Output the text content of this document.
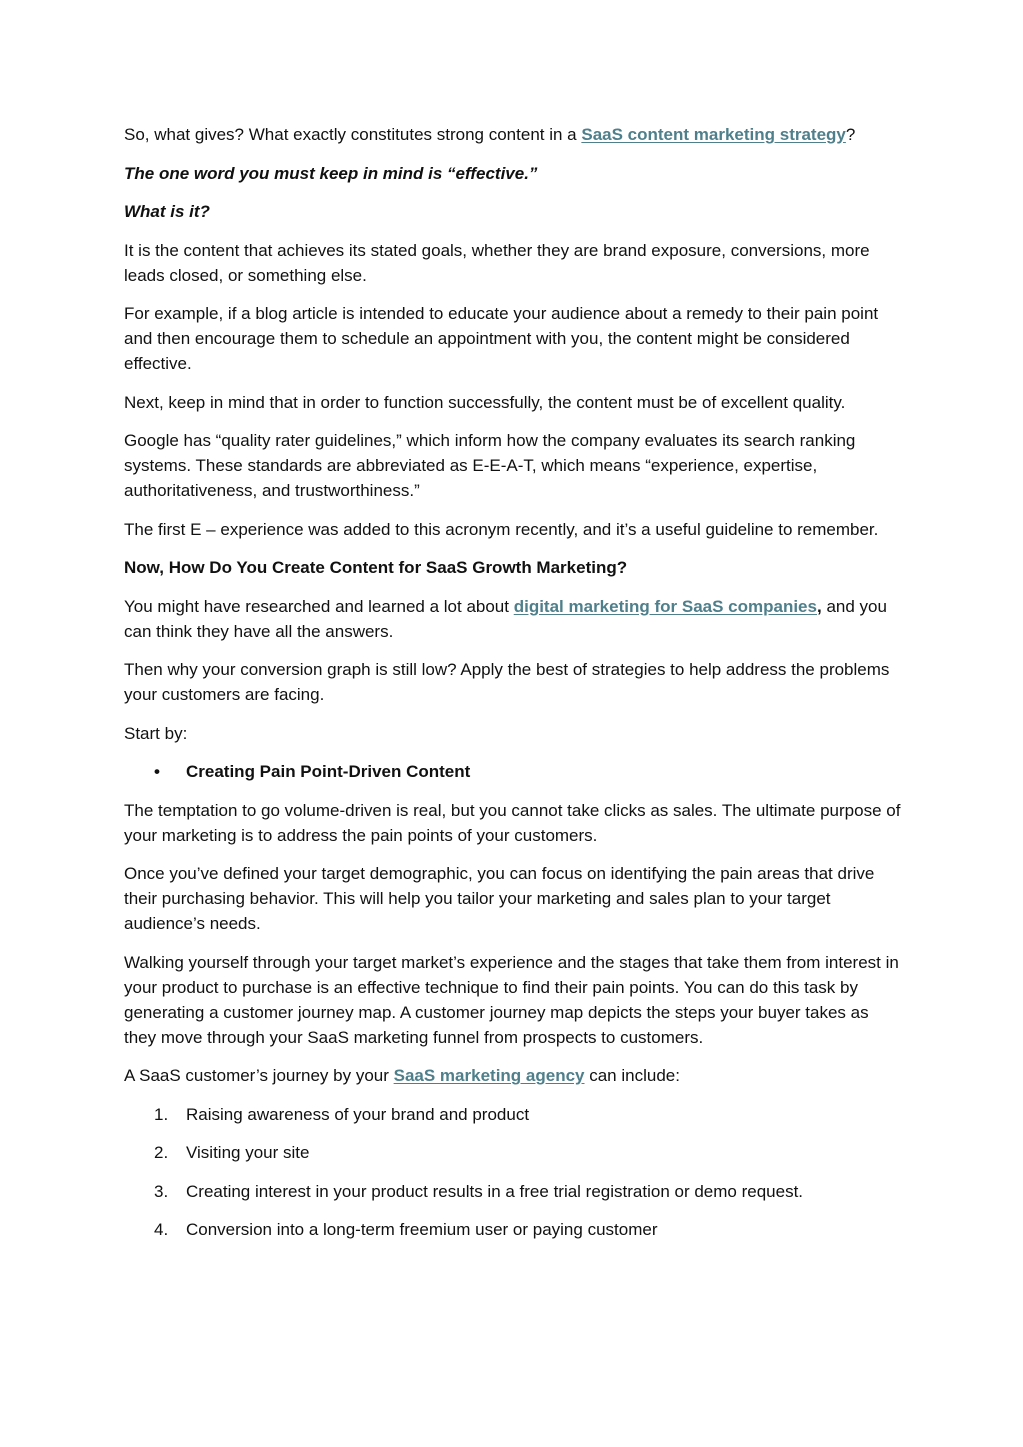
So, what gives? What exactly constitutes strong content in a SaaS content marketing strategy?

The one word you must keep in mind is “effective.”

What is it?

It is the content that achieves its stated goals, whether they are brand exposure, conversions, more leads closed, or something else.

For example, if a blog article is intended to educate your audience about a remedy to their pain point and then encourage them to schedule an appointment with you, the content might be considered effective.

Next, keep in mind that in order to function successfully, the content must be of excellent quality.

Google has “quality rater guidelines,” which inform how the company evaluates its search ranking systems. These standards are abbreviated as E-E-A-T, which means “experience, expertise, authoritativeness, and trustworthiness.”

The first E – experience was added to this acronym recently, and it’s a useful guideline to remember.

Now, How Do You Create Content for SaaS Growth Marketing?

You might have researched and learned a lot about digital marketing for SaaS companies, and you can think they have all the answers.

Then why your conversion graph is still low? Apply the best of strategies to help address the problems your customers are facing.

Start by:

• Creating Pain Point-Driven Content

The temptation to go volume-driven is real, but you cannot take clicks as sales. The ultimate purpose of your marketing is to address the pain points of your customers.

Once you’ve defined your target demographic, you can focus on identifying the pain areas that drive their purchasing behavior. This will help you tailor your marketing and sales plan to your target audience’s needs.

Walking yourself through your target market’s experience and the stages that take them from interest in your product to purchase is an effective technique to find their pain points. You can do this task by generating a customer journey map. A customer journey map depicts the steps your buyer takes as they move through your SaaS marketing funnel from prospects to customers.

A SaaS customer’s journey by your SaaS marketing agency can include:

1. Raising awareness of your brand and product
2. Visiting your site
3. Creating interest in your product results in a free trial registration or demo request.
4. Conversion into a long-term freemium user or paying customer
